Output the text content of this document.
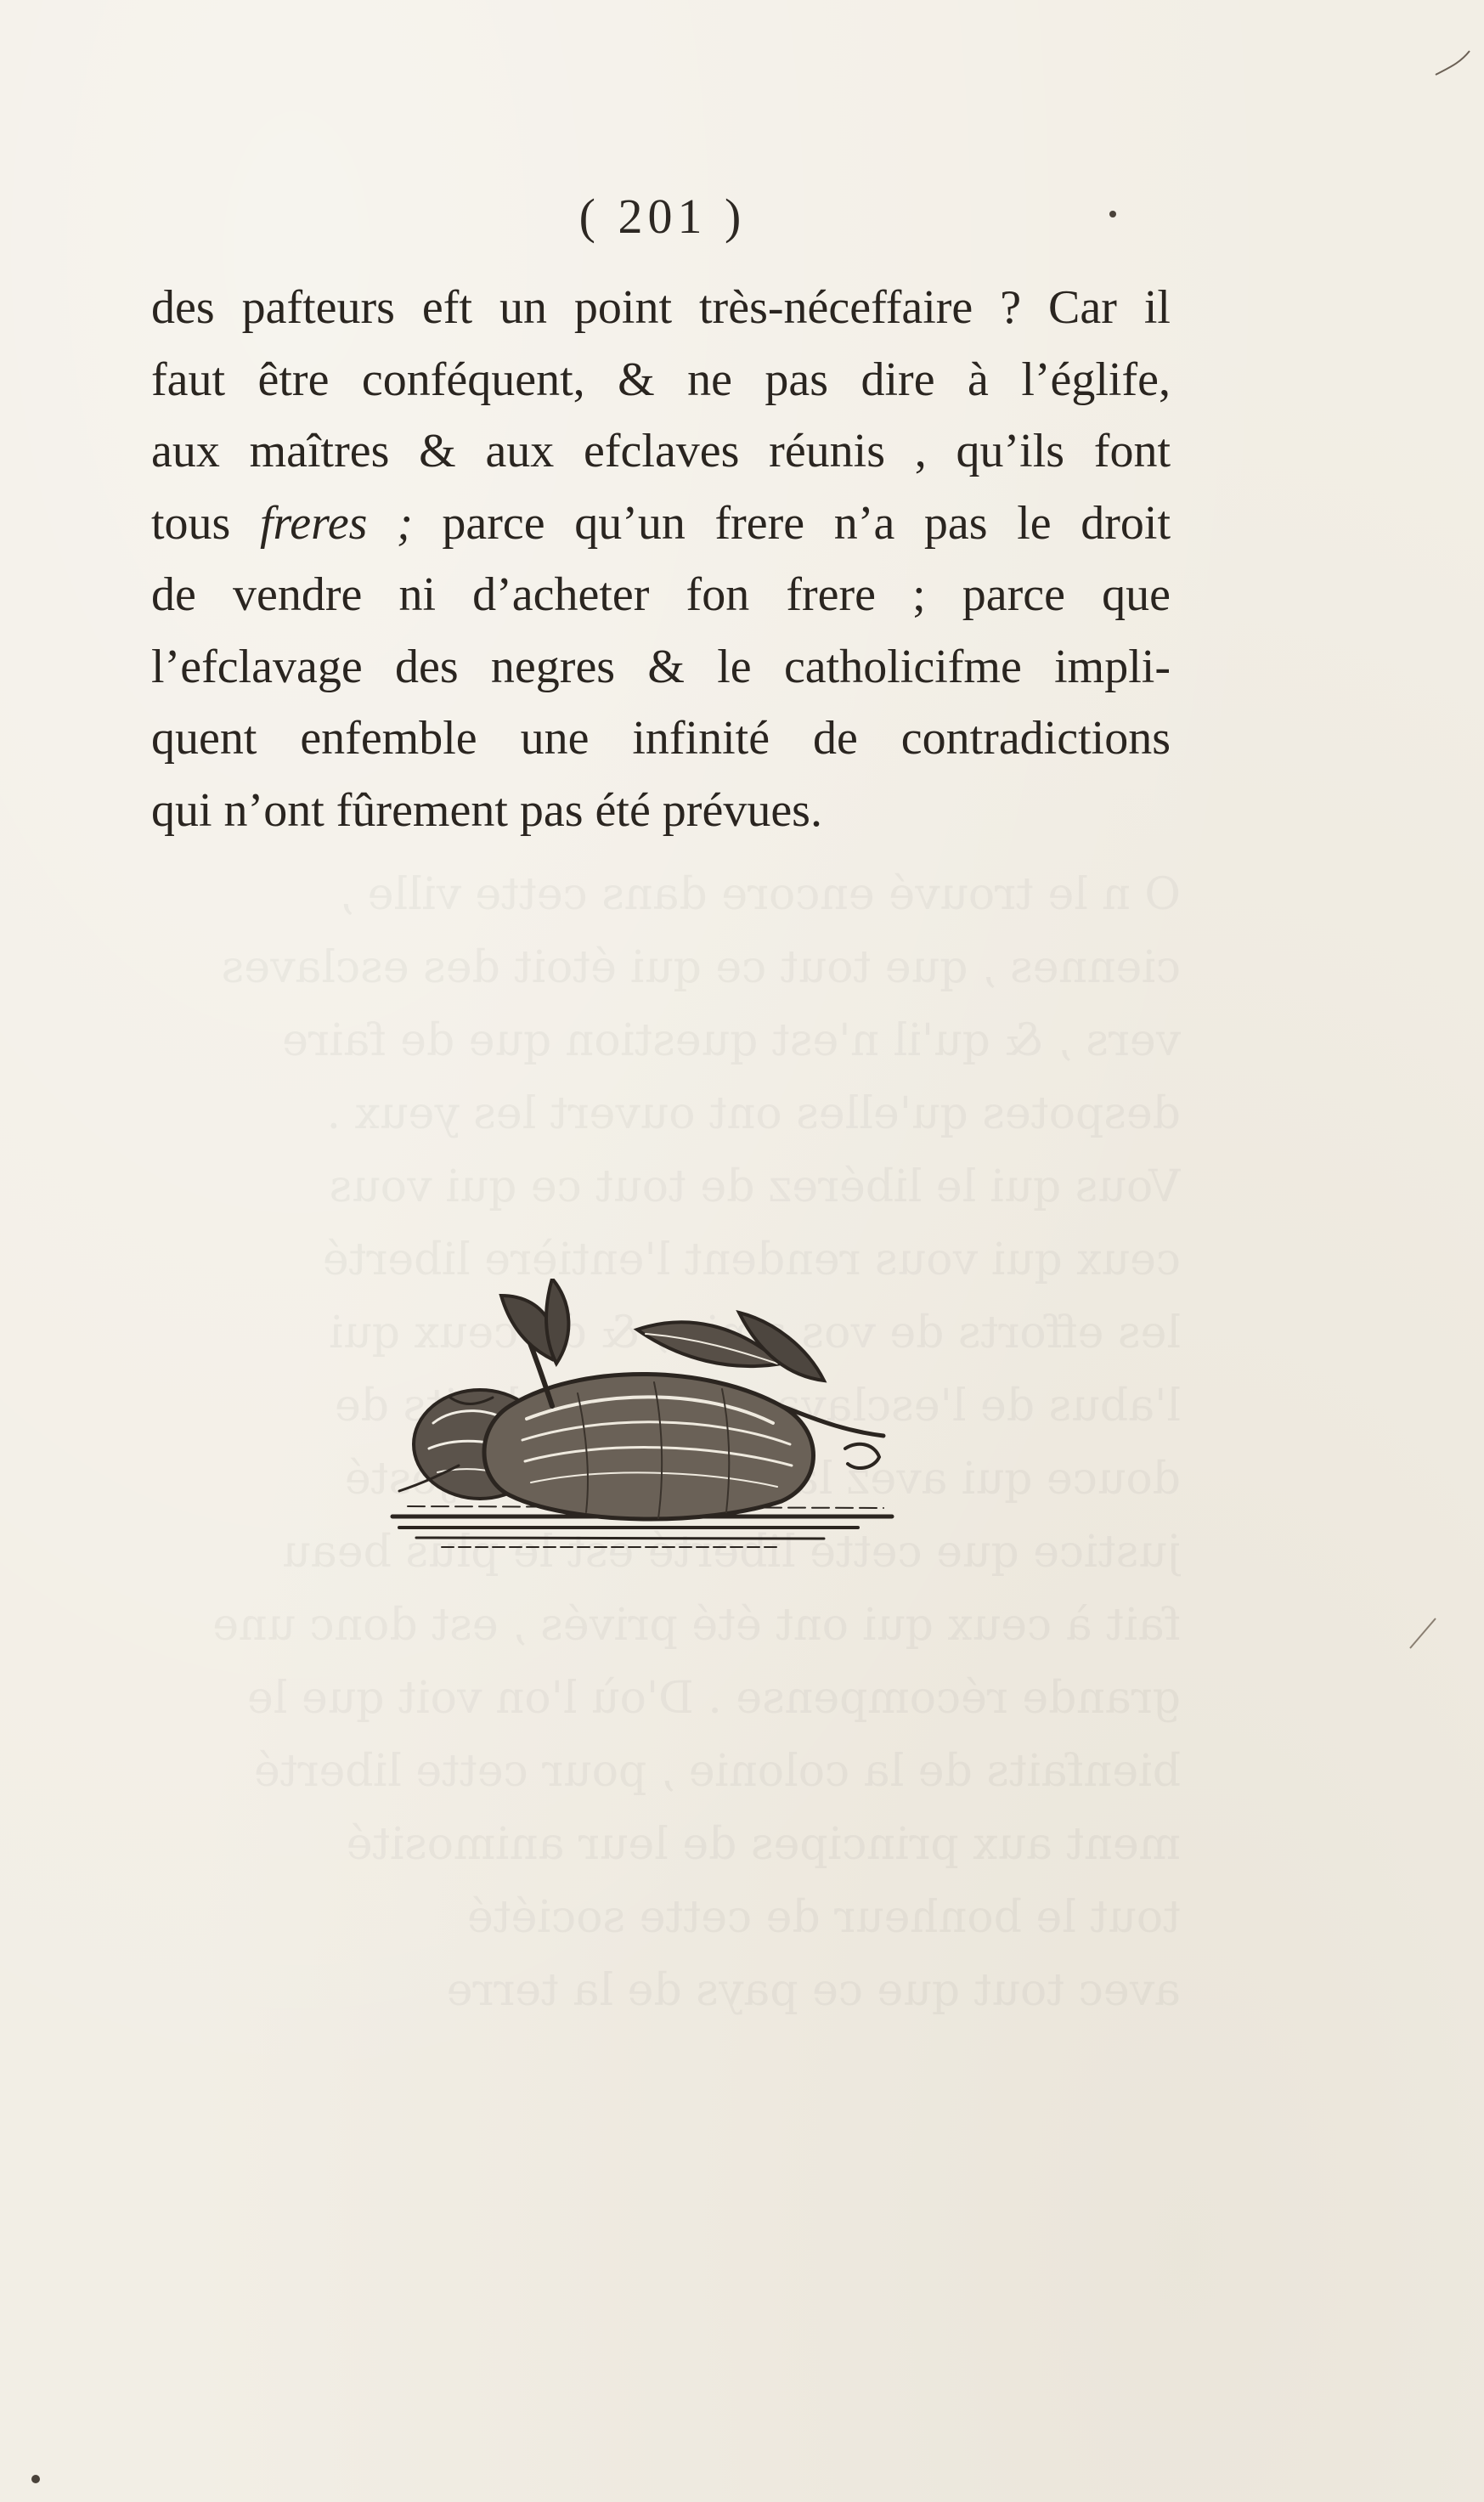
O n le trouvé encore dans cette ville ,
ciennes , que tout ce qui étoit des esclaves
vers , & qu'il n'est question que de faire
despotes qu'elles ont ouvert les yeux .
Vous qui le libérez de tout ce qui vous
ceux qui vous rendent l'entière liberté
les efforts de vos & ceux qui
l'abus de l'esclavage de
douce qui avez la
justice que cette liberté est le plus beau
fait à ceux qui ont été privés , est donc une
grande récompense . D'où l'on voit que le
bienfaits de la colonie , pour cette liberté
ment aux principes de leur animosité
tout le bonheur de cette société
avec tout que ce pays de la terre
( 201 )
des pafteurs eft un point très-néceffaire ? Car il
faut être conféquent, & ne pas dire à l’églife,
aux maîtres & aux efclaves réunis , qu’ils font
tous freres ; parce qu’un frere n’a pas le droit
de vendre ni d’acheter fon frere ; parce que
l’efclavage des negres & le catholicifme impli-
quent enfemble une infinité de contradictions
qui n’ont fûrement pas été prévues.
